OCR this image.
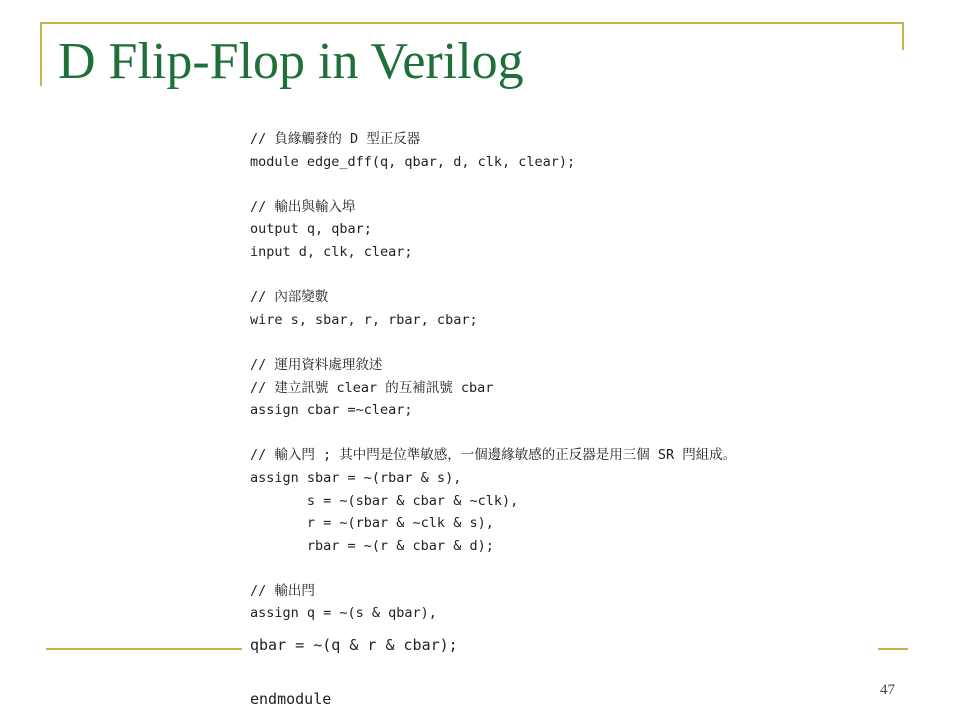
D Flip-Flop in Verilog
// 負緣觸發的 D 型正反器
module edge_dff(q, qbar, d, clk, clear);
// 輸出與輸入埠
output q, qbar;
input d, clk, clear;
// 內部變數
wire s, sbar, r, rbar, cbar;
// 運用資料處理敘述
// 建立訊號 clear 的互補訊號 cbar
assign cbar =~clear;
// 輸入閂 ; 其中閂是位準敏感，一個邊緣敏感的正反器是用三個 SR 閂組成。
assign sbar = ~(rbar & s),
s = ~(sbar & cbar & ~clk),
r = ~(rbar & ~clk & s),
rbar = ~(r & cbar & d);
// 輸出閂
assign q = ~(s & qbar),
qbar = ~(q & r & cbar);
endmodule	47
